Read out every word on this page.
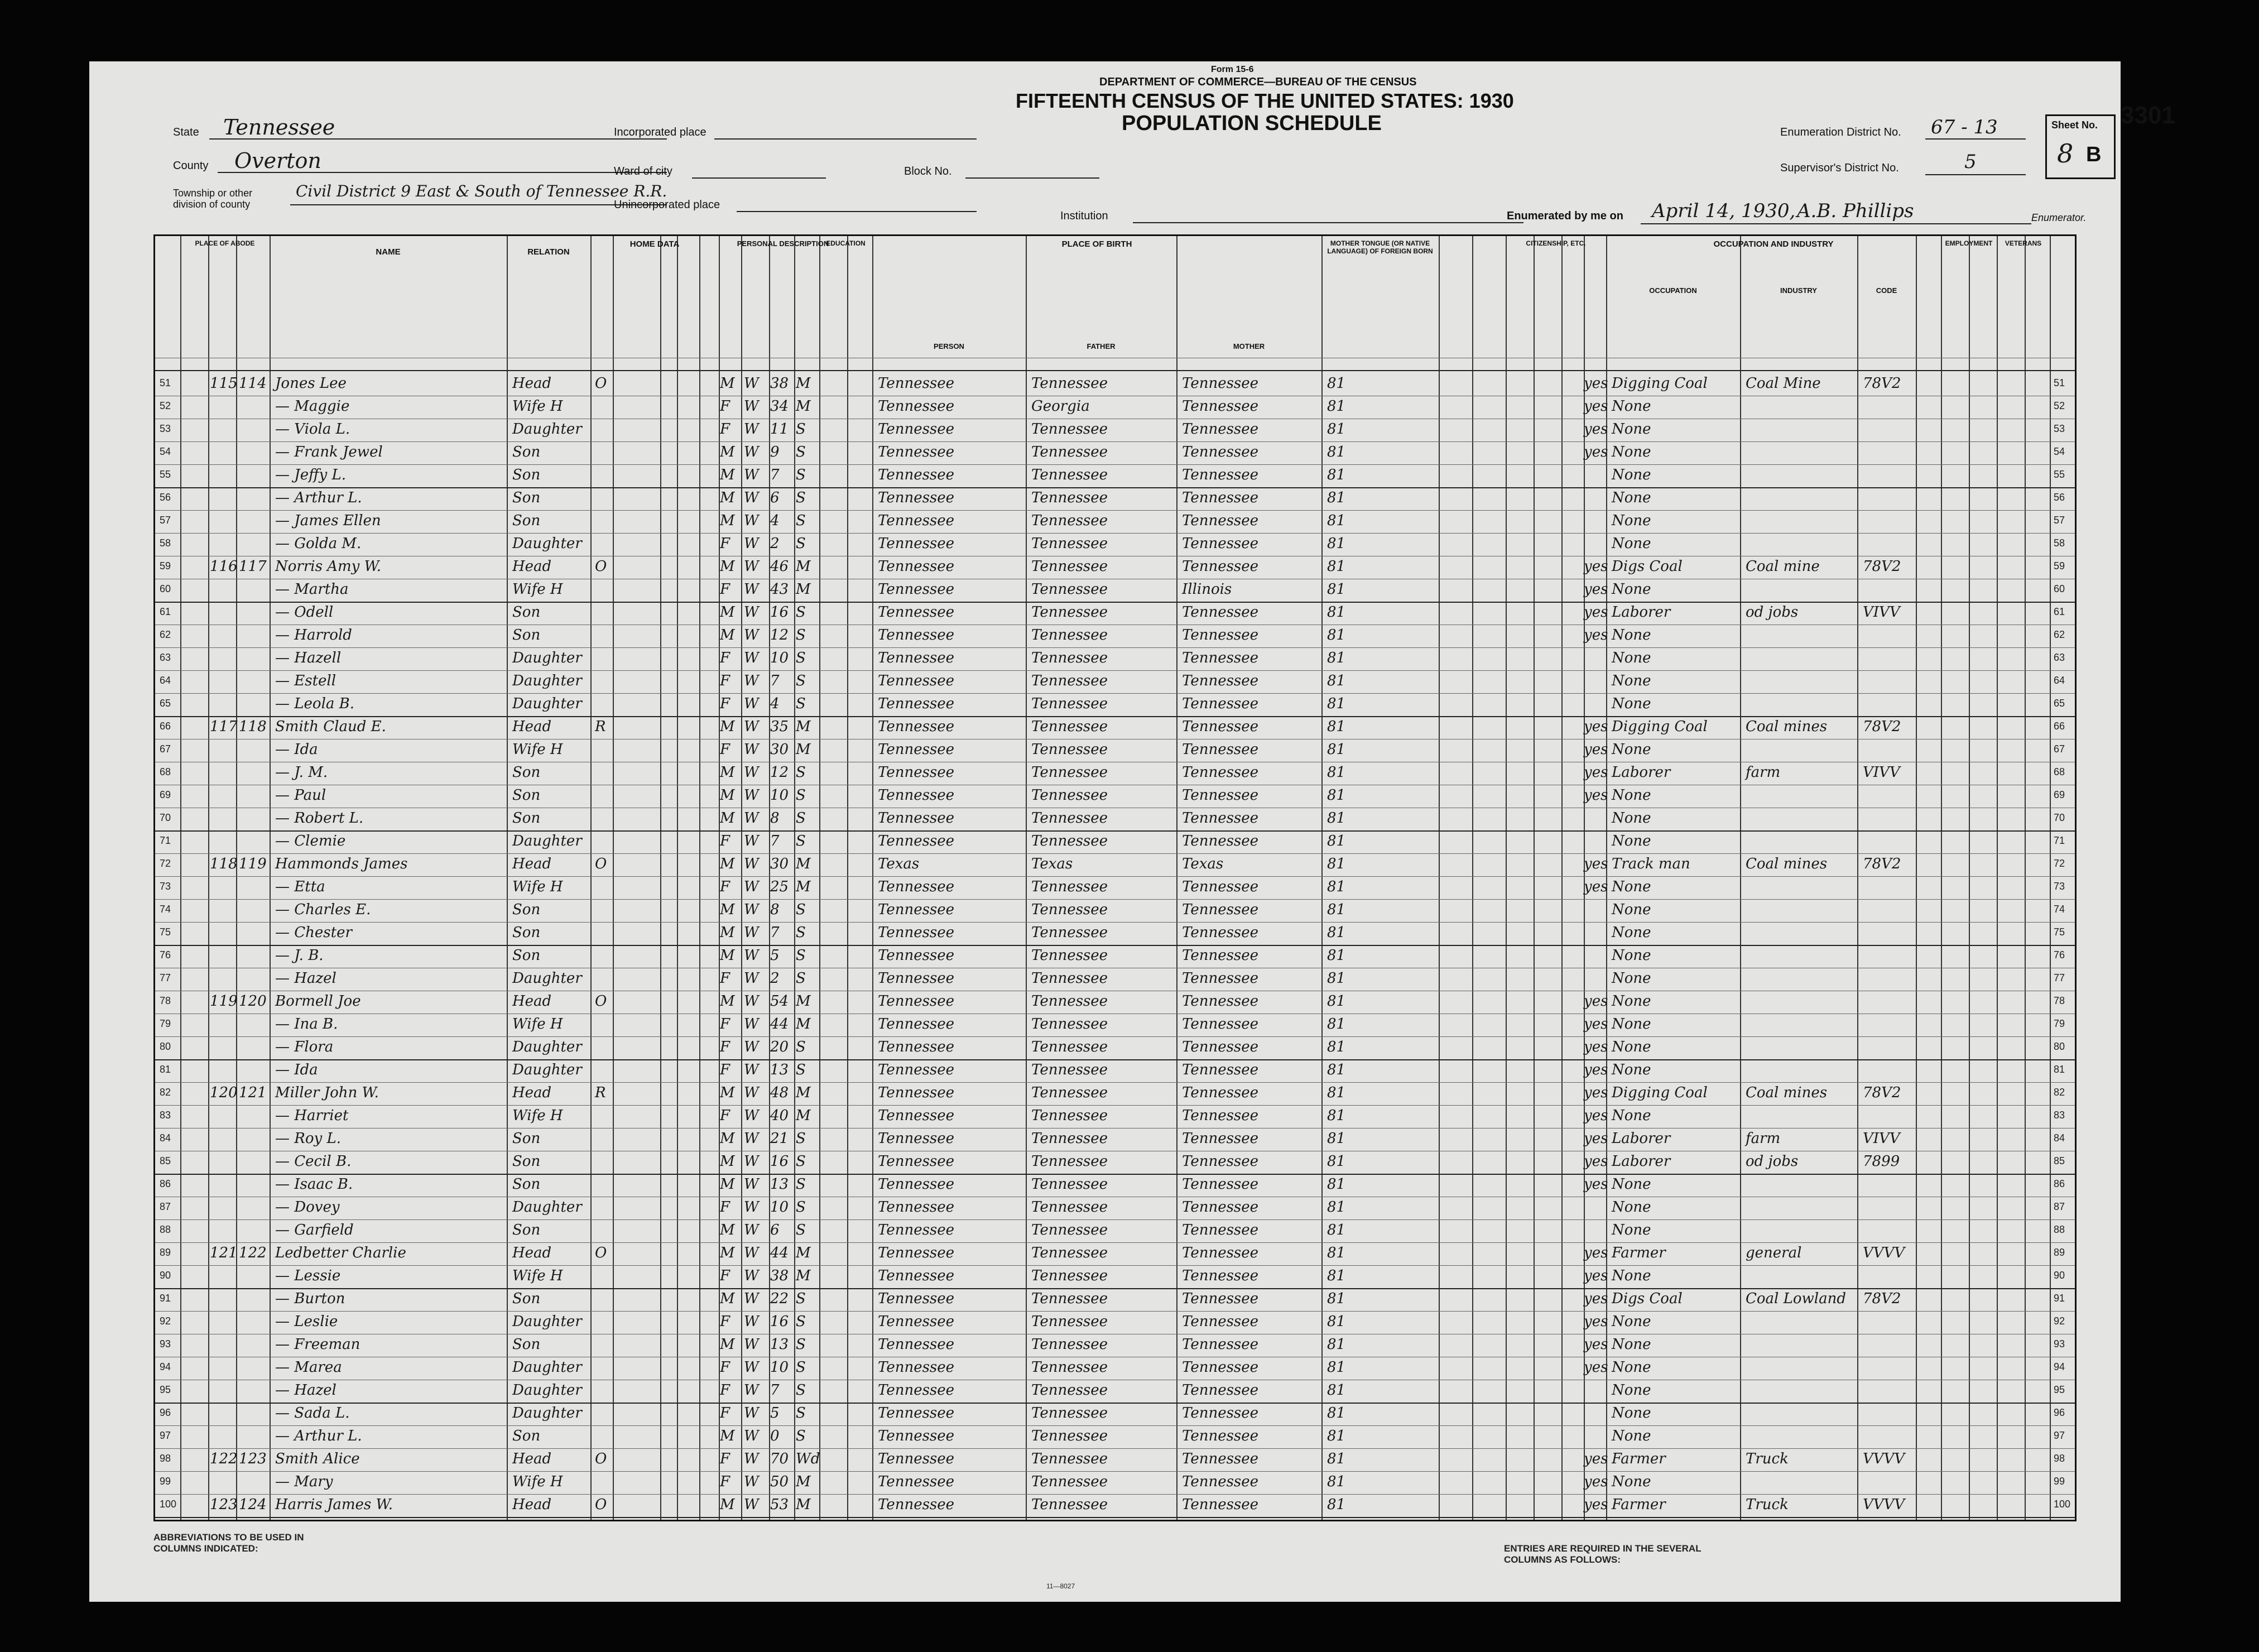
Form 15-6
DEPARTMENT OF COMMERCE—BUREAU OF THE CENSUS
FIFTEENTH CENSUS OF THE UNITED STATES: 1930
POPULATION SCHEDULE
State Tennessee
County Overton
Township or other division of county
Civil District 9 East & South of Tennessee R.R.
Incorporated place
Ward of city	Block No.
Unincorporated place
Institution
Enumeration District No. 67 - 13
Supervisor's District No.	5
Sheet No.
8 B
3301
Enumerated by me on April 14, 1930, A.B. Phillips	Enumerator.
PLACE OF ABODE
NAME	RELATION
HOME DATA	PERSONAL DESCRIPTION
EDUCATION	PLACE OF BIRTH	MOTHER TONGUE (OR NATIVE LANGUAGE) OF FOREIGN BORN
CITIZENSHIP, ETC.	OCCUPATION AND INDUSTRY	EMPLOYMENT	VETERANS
PERSON	FATHER	MOTHER
OCCUPATION	INDUSTRY	CODE
51	115 114 Jones Lee	Head	O	M W 38 M	Tennessee	Tennessee	Tennessee	81	yes Digging Coal	Coal Mine	78V2	51
52	— Maggie	Wife H	F W 34 M	Tennessee	Georgia	Tennessee	81	yes None	52
53	— Viola L.	Daughter	F W 11 S	Tennessee	Tennessee	Tennessee	81	yes None	53
54	— Frank Jewel	Son	M W 9 S	Tennessee	Tennessee	Tennessee	81	yes None	54
55	— Jeffy L.	Son	M W 7 S	Tennessee	Tennessee	Tennessee	81	None	55
56	— Arthur L.	Son	M W 6 S	Tennessee	Tennessee	Tennessee	81	None	56
57	— James Ellen	Son	M W 4 S	Tennessee	Tennessee	Tennessee	81	None	57
58	— Golda M.	Daughter	F W 2 S	Tennessee	Tennessee	Tennessee	81	None	58
59	116 117 Norris Amy W.	Head	O	M W 46 M	Tennessee	Tennessee	Tennessee	81	yes Digs Coal	Coal mine	78V2	59
60	— Martha	Wife H	F W 43 M	Tennessee	Tennessee	Illinois	81	yes None	60
61	— Odell	Son	M W 16 S	Tennessee	Tennessee	Tennessee	81	yes Laborer	od jobs	VIVV	61
62	— Harrold	Son	M W 12 S	Tennessee	Tennessee	Tennessee	81	yes None	62
63	— Hazell	Daughter	F W 10 S	Tennessee	Tennessee	Tennessee	81	None	63
64	— Estell	Daughter	F W 7 S	Tennessee	Tennessee	Tennessee	81	None	64
65	— Leola B.	Daughter	F W 4 S	Tennessee	Tennessee	Tennessee	81	None	65
66	117 118 Smith Claud E.	Head	R	M W 35 M	Tennessee	Tennessee	Tennessee	81	yes Digging Coal	Coal mines 78V2	66
67	— Ida	Wife H	F W 30 M	Tennessee	Tennessee	Tennessee	81	yes None	67
68	— J. M.	Son	M W 12 S	Tennessee	Tennessee	Tennessee	81	yes Laborer	farm	VIVV	68
69	— Paul	Son	M W 10 S	Tennessee	Tennessee	Tennessee	81	yes None	69
70	— Robert L.	Son	M W 8 S	Tennessee	Tennessee	Tennessee	81	None	70
71	— Clemie	Daughter	F W 7 S	Tennessee	Tennessee	Tennessee	81	None	71
72	118 119 Hammonds James	Head	O	M W 30 M	Texas	Texas	Texas	81	yes Track man	Coal mines 78V2	72
73	— Etta	Wife H	F W 25 M	Tennessee	Tennessee	Tennessee	81	yes None	73
74	— Charles E.	Son	M W 8 S	Tennessee	Tennessee	Tennessee	81	None	74
75	— Chester	Son	M W 7 S	Tennessee	Tennessee	Tennessee	81	None	75
76	— J. B.	Son	M W 5 S	Tennessee	Tennessee	Tennessee	81	None	76
77	— Hazel	Daughter	F W 2 S	Tennessee	Tennessee	Tennessee	81	None	77
78	119 120 Bormell Joe	Head	O	M W 54 M	Tennessee	Tennessee	Tennessee	81	yes None	78
79	— Ina B.	Wife H	F W 44 M	Tennessee	Tennessee	Tennessee	81	yes None	79
80	— Flora	Daughter	F W 20 S	Tennessee	Tennessee	Tennessee	81	yes None	80
81	— Ida	Daughter	F W 13 S	Tennessee	Tennessee	Tennessee	81	yes None	81
82	120 121 Miller John W.	Head	R	M W 48 M	Tennessee	Tennessee	Tennessee	81	yes Digging Coal	Coal mines 78V2	82
83	— Harriet	Wife H	F W 40 M	Tennessee	Tennessee	Tennessee	81	yes None	83
84	— Roy L.	Son	M W 21 S	Tennessee	Tennessee	Tennessee	81	yes Laborer	farm	VIVV	84
85	— Cecil B.	Son	M W 16 S	Tennessee	Tennessee	Tennessee	81	yes Laborer	od jobs	7899	85
86	— Isaac B.	Son	M W 13 S	Tennessee	Tennessee	Tennessee	81	yes None	86
87	— Dovey	Daughter	F W 10 S	Tennessee	Tennessee	Tennessee	81	None	87
88	— Garfield	Son	M W 6 S	Tennessee	Tennessee	Tennessee	81	None	88
89	121 122 Ledbetter Charlie	Head	O	M W 44 M	Tennessee	Tennessee	Tennessee	81	yes Farmer	general	VVVV	89
90	— Lessie	Wife H	F W 38 M	Tennessee	Tennessee	Tennessee	81	yes None	90
91	— Burton	Son	M W 22 S	Tennessee	Tennessee	Tennessee	81	yes Digs Coal	Coal Lowland 78V2	91
92	— Leslie	Daughter	F W 16 S	Tennessee	Tennessee	Tennessee	81	yes None	92
93	— Freeman	Son	M W 13 S	Tennessee	Tennessee	Tennessee	81	yes None	93
94	— Marea	Daughter	F W 10 S	Tennessee	Tennessee	Tennessee	81	yes None	94
95	— Hazel	Daughter	F W 7 S	Tennessee	Tennessee	Tennessee	81	None	95
96	— Sada L.	Daughter	F W 5 S	Tennessee	Tennessee	Tennessee	81	None	96
97	— Arthur L.	Son	M W 0 S	Tennessee	Tennessee	Tennessee	81	None	97
98	122 123 Smith Alice	Head	O	F W 70 Wd	Tennessee	Tennessee	Tennessee	81	yes Farmer	Truck	VVVV	98
99	— Mary	Wife H	F W 50 M	Tennessee	Tennessee	Tennessee	81	yes None	99
100 123 124 Harris James W.	Head	O	M W 53 M	Tennessee	Tennessee	Tennessee	81	yes Farmer	Truck	VVVV	100
ABBREVIATIONS TO BE USED IN COLUMNS INDICATED:	ENTRIES ARE REQUIRED IN THE SEVERAL COLUMNS AS FOLLOWS:
11—8027
